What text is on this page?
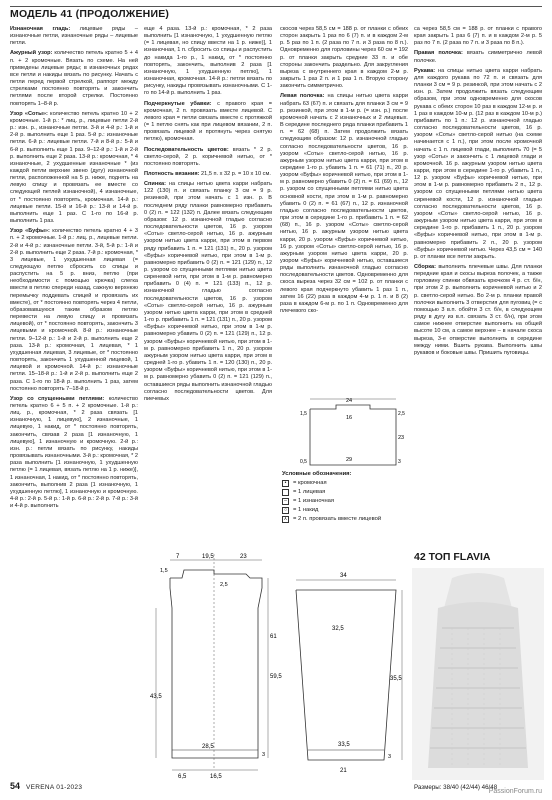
МОДЕЛЬ 41 (ПРОДОЛЖЕНИЕ)

Изнаночная гладь: лицевые ряды – изнаночные петли, изнаночные ряды – лицевые петли.

Ажурный узор: количество петель кратно 5 + 4 п. + 2 кромочные. Вязать по схеме. На ней приведены лицевые ряды; в изнаночных рядах все петли и накиды вязать по рисунку. Начать с петли перед первой стрелкой, раппорт между стрелками постоянно повторять и закончить петлями после второй стрелки. Постоянно повторять 1–8-й р.

Узор «Соты»: количество петель кратно 10 + 2 кромочные. 1-й р.: * лиц. р., лицевые петли 2-й р.: изн. р., изнаночные петли. 3-й и 4-й р.: 1-й и 2-й р. выполнить еще 1 раз. 5-й р.: изнаночные петли. 6-й р.: лицевые петли. 7-й и 8-й р.: 5-й и 6-й р. выполнить еще 1 раз. 9–12-й р.: 1-й и 2-й р. выполнить еще 2 раза. 13-й р.: кромочная, * 4 изнаночные, 2 ухудшенные изнаночные * (из каждой петли верхние звено (дугу) изнаночной петли, расположенной на 5 р. ниже, поднять на левую спицу и провязать ее вместе со следующей петлей изнаночной), 4 изнаночные, от * постоянно повторять, кромочная. 14-й р.: лицевые петли. 15-й и 16-й р.: 13-й и 14-й р. выполнить еще 1 раз. С 1-го по 16-й р. выполнить 1 раз.

Узор «Буфы»: количество петель кратно 4 + 3 п. + 2 кромочные. 1-й р.: лиц. р., лицевые петли. 2-й и 4-й р.: изнаночные петли. 3-й, 5-й р.: 1-й и 2-й р. выполнить еще 2 раза. 7-й р.: кромочная, * 3 лицевые, 1 ухудшенная лицевая (= следующую петлю сбросить со спицы и распустить на 5 р. вниз, петлю (при необходимости с помощью крючка) слегка ввести в петлю спереди назад, сажную верхнюю перемычку поддевать спицей и провязать их вместе), от * постоянно повторять через 4 петли, образовавшуюся таким образом петлю перевести на левую спицу и провязать лицевой), от * постоянно повторять, закончить 3 лицевыми и кромочной. 8-й р.: изнаночные петли. 9–12-й р.: 1-й и 2-й р. выполнить еще 2 раза. 13-й р.: кромочная, 1 лицевая, * 1 ухудшенная лицевая, 3 лицевые, от * постоянно повторять, закончить 1 ухудшенной лицевой, 1 лицевой и кромочной. 14-й р.: изнаночные петли. 15–18-й р.: 1-й и 2-й р. выполнить еще 2 раза. С 1-го по 18-й р. выполнить 1 раз, затем постоянно повторять 7–18-й р.

Узор со спущенными петлями: количество петель кратно 6 + 5 п. + 2 кромочные. 1-й р.: лиц. р., кромочная, * 2 раза связать [1 изнаночную, 1 лицевую], 2 изнаночные, 1 лицевую, 1 накид, от * постоянно повторять, закончить, связав 2 раза [1 изнаночную, 1 лицевую], 1 изнаночную и кромочную. 2-й р.: изн. р.: петли вязать по рисунку, накиды провязывать изнаночными. 3-й р.: кромочная, * 2 раза выполнить [1 изнаночную, 1 ухудшенную петлю (= 1 лицевая, вязать петлю на 1 р. ниже)], 1 изнаночная, 1 накид, от * постоянно повторять, закончить, выполнив 2 раза [1 изнаночную, 1 ухудшенную петлю], 1 изнаночную и кромочную. 4-й р.: 2-й р. 5-й р.: 1-й р. 6-й р.: 2-й р. 7-й р.: 3-й и 4-й р. выполнить

еще 4 раза. 13-й р.: кромочная, * 2 раза выполнить [1 изнаночную, 1 ухудшенную петлю (= 1 лицевая, но спицу ввести на 1 р. ниже)], 1 изнаночная, 1 п. сбросить со спицы и распустить до накида 1-го р., 1 накид, от * постоянно повторять, закончить, выполнив 2 раза [1 изнаночную, 1 ухудшенную петлю], 1 изнаночная, кромочная. 14-й р.: петли вязать по рисунку, накиды провязывать изнаночными. С 1-го по 14-й р. выполнить 1 раз.

Подчеркнутые убавки: с правого края = кромочная, 2 п. провязать вместе лицевой. С левого края = петли связать вместе с протяжкой (= 1 петлю снять как при лицевом вязании, 2 п. провязать лицевой и протянуть через снятую петлю), кромочная.

Последовательность цветов: вязать * 2 р. светло-серой, 2 р. коричневой нитью, от * постоянно повторять.

Плотность вязания: 21,5 п. x 32 р. = 10 x 10 см.

Спинка: на спицы нитью цвета карри набрать 122 (130) п. и связать планку 3 см = 9 р. резинкой, при этом начать с 1 изн. р. В последнем ряду планки равномерно прибавить 0 (2) п. = 122 (132) п. Далее вязать следующим образом: 12 р. изнаночной гладью согласно последовательности цветов, 16 р. узором «Соты» светло-серой нитью, 16 р. ажурным узором нитью цвета карри, при этом в первом ряду прибавить 1 п. = 121 (131) п., 20 р. узором «Буфы» коричневой нитью, при этом в 1-м р. равномерно прибавить 0 (2) п. = 121 (129) п., 12 р. узором со спущенными петлями нитью цвета сиреневой нити, при этом в 1-м р. равномерно прибавить 0 (4) п. = 121 (133) п., 12 р. изнаночной гладью согласно последовательности цветов, 16 р. узором «Соты» светло-серой нитью, 16 р. ажурным узором нитью цвета карри, при этом в средней 1-го р. прибавить 1 п. = 121 (131) п., 20 р. узором «Буфы» коричневой нитью, при этом в 1-м р. равномерно убавить 0 (2) п. = 121 (129) п., 12 р. узором «Буфы» коричневой нитью, при этом в 1-м р. равномерно прибавить 1 п., 20 р. узором ажурным узором нитью цвета карри, при этом в средней 1-го р. убавить 1 п. = 120 (130) п., 20 р. узором «Буфы» коричневой нитью, при этом в 1-м р. равномерно убавить 0 (2) п. = 121 (129) п., оставшиеся ряды выполнить изнаночной гладью согласно последовательности цветов. Для пиечевых

скосов через 58,5 см = 188 р. от планки с обеих сторон закрыть 1 раз по 6 (7) п. и в каждом 2-м р. 5 раз по 1 п. (2 раза по 7 п. и 3 раза по 8 п.). Одновременно для горловины через 60 см = 192 р. от планки закрыть средние 33 п. и обе стороны закончить раздельно. Для закругления выреза с внутреннего края в каждом 2-м р. закрыть 1 раз 2 п. и 1 раз 1 п. Вторую сторону закончить симметрично.

Левая полочка: на спицы нитью цвета карри набрать 63 (67) п. и связать для планки 3 см = 9 р. резинкой, при этом в 1-м р. (= изн. р.) после кромочной начать с 2 изнаночных и 2 лицевых. В середине последнего ряда планки прибавить 1 п. = 62 (68) п. Затем продолжить вязать следующим образом: 12 р. изнаночной гладью согласно последовательности цветов, 16 р. узором «Соты» светло-серой нитью, 16 р. ажурным узором нитью цвета карри, при этом в середине 1-го р. убавить 1 п. = 61 (71) п., 20 р. узором «Буфы» коричневой нитью, при этом в 1-м р. равномерно убавить 0 (2) п. = 61 (69) п., 12 р. узором со спущенными петлями нитью цвета основной кости, при этом в 1-м р. равномерно убавить 0 (2) п. = 61 (67) п., 12 р. изнаночной гладью согласно последовательности цветов, при этом в середине 1-го р. прибавить 1 п. = 62 (68) п., 16 р. узором «Соты» светло-серой нитью, 16 р. ажурным узором нитью цвета карри, 20 р. узором «Буфы» коричневой нитью, 16 р. узором «Соты» светло-серой нитью, 16 р. ажурным узором нитью цвета карри, 20 р. узором «Буфы» коричневой нитью, оставшиеся ряды выполнить изнаночной гладью согласно последовательности цветов. Одновременно для скоса выреза через 32 см = 102 р. от планки с левого края подчеркнуто убавить 1 раз 1 п., затем 16 (22) раза в каждом 4-м р. 1 п. и 8 (2) раза в каждом 6-м р. по 1 п. Одновременно для плечевого ско-

са через 58,5 см = 188 р. от планки с правого края закрыть 1 раз 6 (7) п. и в каждом 2-м р. 5 раз по 7 п. (2 раза по 7 п. и 3 раза по 8 п.).

Правая полочка: вязать симметрично левой полочке.

Рукава: на спицы нитью цвета карри набрать для каждого рукава по 72 п. и связать для планки 3 см = 9 р. резинкой, при этом начать с 2 изн. р. Затем продолжить вязать следующим образом, при этом одновременно для скосов рукава с обеих сторон 10 раз в каждом 12-м р. и 1 раз в каждом 10-м р. (12 раз в каждом 10-м р.) прибавить по 1 п.: 12 р. изнаночной гладью согласно последовательности цветов, 16 р. узором «Соты» светло-серой нитью (на схеме начинается с 1 п.), при этом после кромочной начать с 1 п. лицевой глади, выполнить 70 (= 5 узор «Соты» и закончить с 1 лицевой глади и кромочной. 16 р. ажурным узором нитью цвета карри, при этом в середине 1-го р. убавить 1 п., 12 р. узором «Буфы» коричневой нитью, при этом в 1-м р. равномерно прибавить 2 п., 12 р. узором со спущенными петлями нитью цвета сиреневой кости, 12 р. изнаночной гладью согласно последовательности цветов, 16 р. узором «Соты» светло-серой нитью, 16 р. ажурным узором нитью цвета карри, при этом в середине 1-го р. прибавить 1 п., 20 р. узором «Буфы» коричневой нитью, при этом в 1-м р. равномерно прибавить 2 п., 20 р. узором «Буфы» коричневой нитью. Через 43,5 см = 140 р. от планки все петли закрыть.

Сборка: выполнить плечевые швы. Для планки передние края и скосы выреза полочек, а также горловину спинки обвязать крючком 4 р. ст. б/н, при этом 2 р. выполнить коричневой нитью и 2 р. светло-серой нитью. Во 2-м р. планки правой полочки выполнить 3 отверстия для пуговиц (= с помощью 3 в.п. обойти 3 ст. б/н, в следующем ряду в дугу из в.п. связать 3 ст. б/н), при этом самое нижнее отверстие выполнить на общей высоте 10 см, а самое верхнее – в начале скоса выреза, 3-е отверстие выполнить в середине между ними. Вшить рукава. Выполнить швы рукавов и боковые швы. Пришить пуговицы.

Условные обозначения:
•	= кромочная
= 1 лицевая
–	= 1 изнаночная
○	= 1 накид
⋏ = 2 п. провязать вместе лицевой
7	19,5	23
1,5
2,5
61
59,5
43,5
3
28,5
6,5	16,5
34
32,5
35,5
3
33,5
21
24
1,5
16
2,5
23
3
29
0,5
42 ТОП FLAVIA
Размеры: 38/40 (42/44) 46/48
54 VERENA 01-2023
PassionForum.ru
